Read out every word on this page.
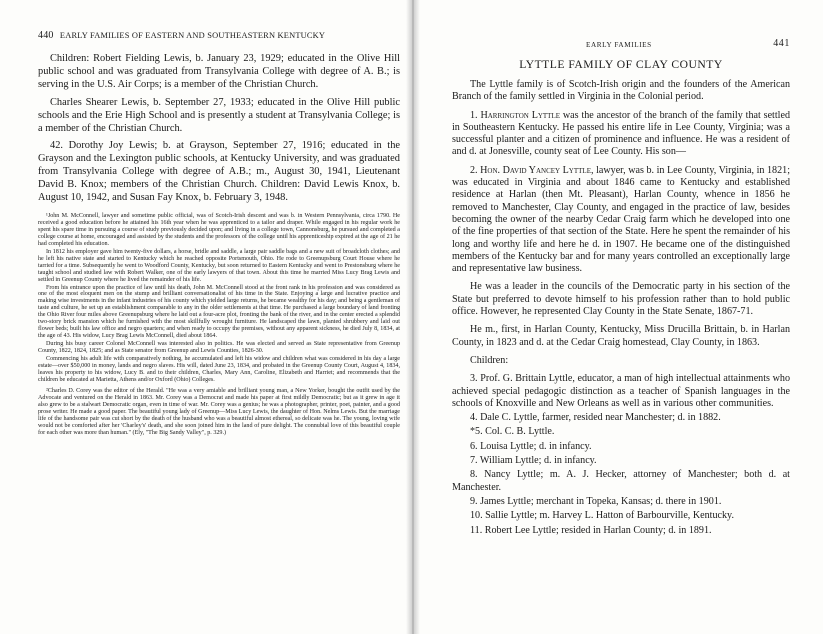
440 EARLY FAMILIES OF EASTERN AND SOUTHEASTERN KENTUCKY

Children: Robert Fielding Lewis, b. January 23, 1929; educated in the Olive Hill public school and was graduated from Transylvania College with degree of A. B.; is serving in the U.S. Air Corps; is a member of the Christian Church.

Charles Shearer Lewis, b. September 27, 1933; educated in the Olive Hill public schools and the Erie High School and is presently a student at Transylvania College; is a member of the Christian Church.

42. Dorothy Joy Lewis; b. at Grayson, September 27, 1916; educated in the Grayson and the Lexington public schools, at Kentucky University, and was graduated from Transylvania College with degree of A.B.; m., August 30, 1941, Lieutenant David B. Knox; members of the Christian Church. Children: David Lewis Knox, b. August 10, 1942, and Susan Fay Knox, b. February 3, 1948.

¹John M. McConnell, lawyer and sometime public official, was of Scotch-Irish descent and was b. in Western Pennsylvania, circa 1790. He received a good education before he attained his 16th year when he was apprenticed to a tailor and draper. While engaged in his regular work he spent his spare time in pursuing a course of study previously decided upon; and living in a college town, Cannonsburg, he pursued and completed a college course at home, encouraged and assisted by the students and the professors of the college until his apprenticeship expired at the age of 21 he had completed his education.

In 1812 his employer gave him twenty-five dollars, a horse, bridle and saddle, a large pair saddle bags and a new suit of broadcloth clothes; and he left his native state and started to Kentucky which he reached opposite Portsmouth, Ohio. He rode to Greenupsburg Court House where he tarried for a time. Subsequently he went to Woodford County, Kentucky, but soon returned to Eastern Kentucky and went to Prestonsburg where he taught school and studied law with Robert Walker, one of the early lawyers of that town. About this time he married Miss Lucy Brag Lewis and settled in Greenup County where he lived the remainder of his life.

From his entrance upon the practice of law until his death, John M. McConnell stood at the front rank in his profession and was considered as one of the most eloquent men on the stump and brilliant conversationalist of his time in the State. Enjoying a large and lucrative practice and making wise investments in the infant industries of his county which yielded large returns, he became wealthy for his day; and being a gentleman of taste and culture, he set up an establishment comparable to any in the older settlements at that time. He purchased a large boundary of land fronting the Ohio River four miles above Greenupsburg where he laid out a four-acre plot, fronting the bank of the river, and in the center erected a splendid two-story brick mansion which he furnished with the most skillfully wrought furniture. He landscaped the lawn, planted shrubbery and laid out flower beds; built his law office and negro quarters; and when ready to occupy the premises, without any apparent sickness, he died July 8, 1834, at the age of 43. His widow, Lucy Brag Lewis McConnell, died about 1864.

During his busy career Colonel McConnell was interested also in politics. He was elected and served as State representative from Greenup County, 1822, 1824, 1825; and as State senator from Greenup and Lewis Counties, 1826-30.

Commencing his adult life with comparatively nothing, he accumulated and left his widow and children what was considered in his day a large estate—over $50,000 in money, lands and negro slaves. His will, dated June 23, 1834, and probated in the Greenup County Court, August 4, 1834, leaves his property to his widow, Lucy B. and to their children, Charles, Mary Ann, Caroline, Elizabeth and Harriet; and recommends that the children be educated at Marietta, Athens and/or Oxford (Ohio) Colleges.

²Charles D. Corey was the editor of the Herald. "He was a very amiable and brilliant young man, a New Yorker, bought the outfit used by the Advocate and ventured on the Herald in 1863. Mr. Corey was a Democrat and made his paper at first mildly Democratic; but as it grew in age it also grew to be a stalwart Democratic organ, even in time of war. Mr. Corey was a genius; he was a photographer, printer, poet, painter, and a good prose writer. He made a good paper. The beautiful young lady of Greenup—Miss Lucy Lewis, the daughter of Hon. Nelms Lewis. But the marriage life of the handsome pair was cut short by the death of the husband who was a beautiful almost ethereal, so delicate was he. The young, loving wife would not be comforted after her 'Charley's' death, and she soon joined him in the land of pure delight. The connubial love of this beautiful couple for each other was more than human." (Ely, "The Big Sandy Valley", p. 329.)

EARLY FAMILIES	441
LYTTLE FAMILY OF CLAY COUNTY

The Lyttle family is of Scotch-Irish origin and the founders of the American Branch of the family settled in Virginia in the Colonial period.

1. Harrington Lyttle was the ancestor of the branch of the family that settled in Southeastern Kentucky. He passed his entire life in Lee County, Virginia; was a successful planter and a citizen of prominence and influence. He was a resident of and d. at Jonesville, county seat of Lee County. His son—

2. Hon. David Yancey Lyttle, lawyer, was b. in Lee County, Virginia, in 1821; was educated in Virginia and about 1846 came to Kentucky and established residence at Harlan (then Mt. Pleasant), Harlan County, whence in 1856 he removed to Manchester, Clay County, and engaged in the practice of law, besides becoming the owner of the nearby Cedar Craig farm which he developed into one of the fine properties of that section of the State. Here he spent the remainder of his long and worthy life and here he d. in 1907. He became one of the distinguished members of the Kentucky bar and for many years controlled an exceptionally large and representative law business.

He was a leader in the councils of the Democratic party in his section of the State but preferred to devote himself to his profession rather than to hold public office. However, he represented Clay County in the State Senate, 1867-71.

He m., first, in Harlan County, Kentucky, Miss Drucilla Brittain, b. in Harlan County, in 1823 and d. at the Cedar Craig homestead, Clay County, in 1863.

Children:

3. Prof. G. Brittain Lyttle, educator, a man of high intellectual attainments who achieved special pedagogic distinction as a teacher of Spanish languages in the schools of Knoxville and New Orleans as well as in various other communities.

4. Dale C. Lyttle, farmer, resided near Manchester; d. in 1882.

*5. Col. C. B. Lyttle.

6. Louisa Lyttle; d. in infancy.

7. William Lyttle; d. in infancy.

8. Nancy Lyttle; m. A. J. Hecker, attorney of Manchester; both d. at Manchester.

9. James Lyttle; merchant in Topeka, Kansas; d. there in 1901.

10. Sallie Lyttle; m. Harvey L. Hatton of Barbourville, Kentucky.

11. Robert Lee Lyttle; resided in Harlan County; d. in 1891.
